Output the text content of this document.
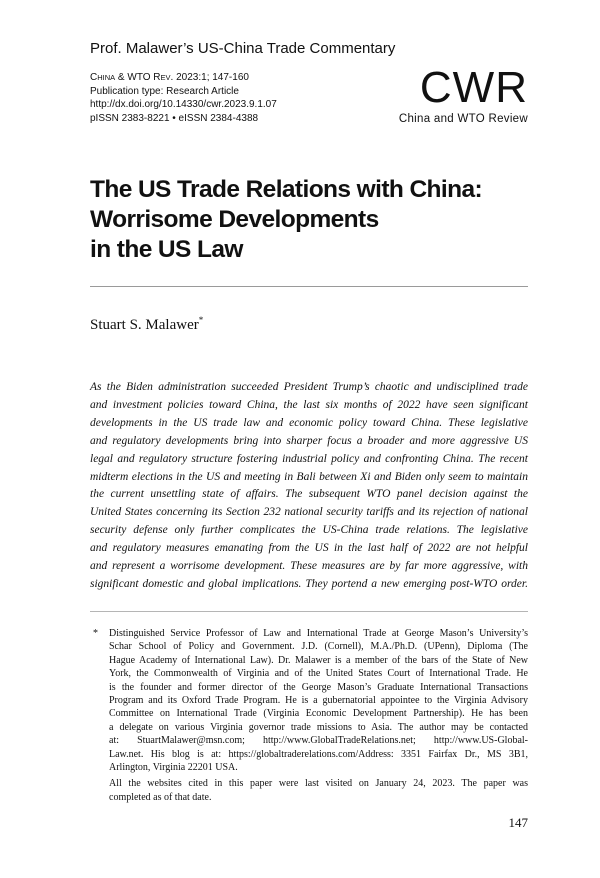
Prof. Malawer’s US-China Trade Commentary
CHINA & WTO REV. 2023:1; 147-160
Publication type: Research Article
http://dx.doi.org/10.14330/cwr.2023.9.1.07
pISSN 2383-8221 • eISSN 2384-4388
CWR
China and WTO Review
The US Trade Relations with China:
Worrisome Developments
in the US Law
Stuart S. Malawer*
As the Biden administration succeeded President Trump’s chaotic and undisciplined trade
and investment policies toward China, the last six months of 2022 have seen significant
developments in the US trade law and economic policy toward China. These legislative
and regulatory developments bring into sharper focus a broader and more aggressive US
legal and regulatory structure fostering industrial policy and confronting China. The recent
midterm elections in the US and meeting in Bali between Xi and Biden only seem to maintain
the current unsettling state of affairs. The subsequent WTO panel decision against the
United States concerning its Section 232 national security tariffs and its rejection of national
security defense only further complicates the US-China trade relations. The legislative
and regulatory measures emanating from the US in the last half of 2022 are not helpful
and represent a worrisome development. These measures are by far more aggressive, with
significant domestic and global implications. They portend a new emerging post-WTO order.
* Distinguished Service Professor of Law and International Trade at George Mason’s University’s
Schar School of Policy and Government. J.D. (Cornell), M.A./Ph.D. (UPenn), Diploma (The
Hague Academy of International Law). Dr. Malawer is a member of the bars of the State of New
York, the Commonwealth of Virginia and of the United States Court of International Trade. He
is the founder and former director of the George Mason’s Graduate International Transactions
Program and its Oxford Trade Program. He is a gubernatorial appointee to the Virginia Advisory
Committee on International Trade (Virginia Economic Development Partnership). He has been
a delegate on various Virginia governor trade missions to Asia. The author may be contacted
at: StuartMalawer@msn.com; http://www.GlobalTradeRelations.net; http://www.US-Global-
Law.net. His blog is at: https://globaltraderelations.com/Address: 3351 Fairfax Dr., MS 3B1,
Arlington, Virginia 22201 USA.
All the websites cited in this paper were last visited on January 24, 2023. The paper was
completed as of that date.
147
